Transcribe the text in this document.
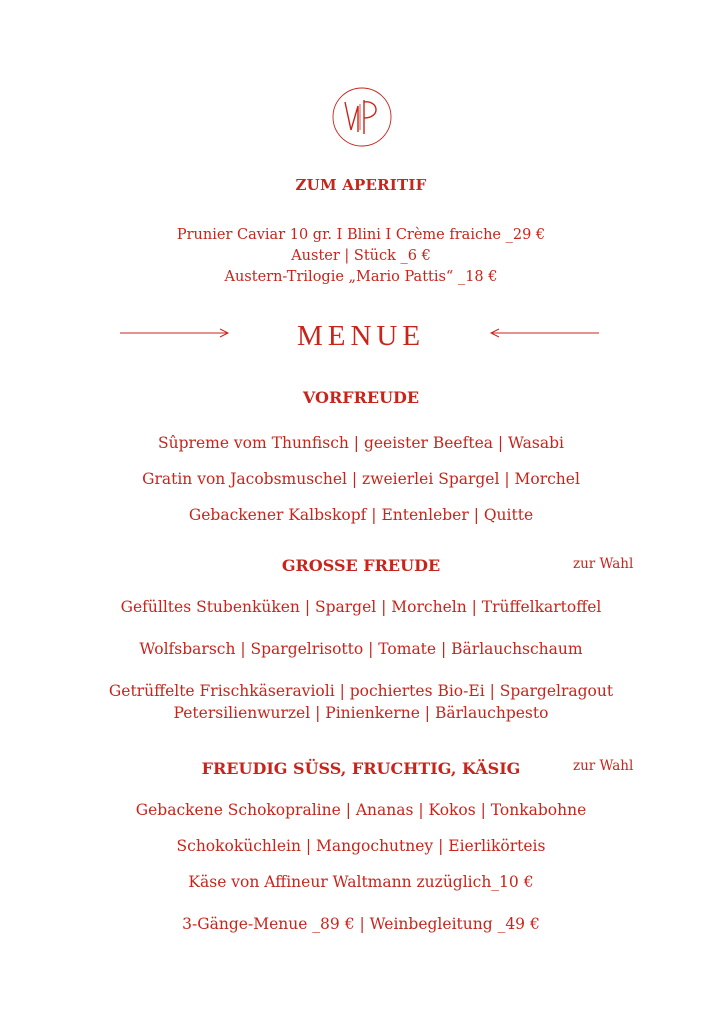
ZUM APERITIF
Prunier Caviar 10 gr. I Blini I Crème fraiche _29 €
Auster | Stück _6 €
Austern-Trilogie „Mario Pattis“ _18 €
MENUE
VORFREUDE
Sûpreme vom Thunfisch | geeister Beeftea | Wasabi
Gratin von Jacobsmuschel | zweierlei Spargel | Morchel
Gebackener Kalbskopf | Entenleber | Quitte
GROSSE FREUDE	zur Wahl
Gefülltes Stubenküken | Spargel | Morcheln | Trüffelkartoffel
Wolfsbarsch | Spargelrisotto | Tomate | Bärlauchschaum
Getrüffelte Frischkäseravioli | pochiertes Bio-Ei | Spargelragout
Petersilienwurzel | Pinienkerne | Bärlauchpesto
FREUDIG SÜSS, FRUCHTIG, KÄSIG	zur Wahl
Gebackene Schokopraline | Ananas | Kokos | Tonkabohne
Schokoküchlein | Mangochutney | Eierlikörteis
Käse von Affineur Waltmann zuzüglich_10 €
3-Gänge-Menue _89 € | Weinbegleitung _49 €
